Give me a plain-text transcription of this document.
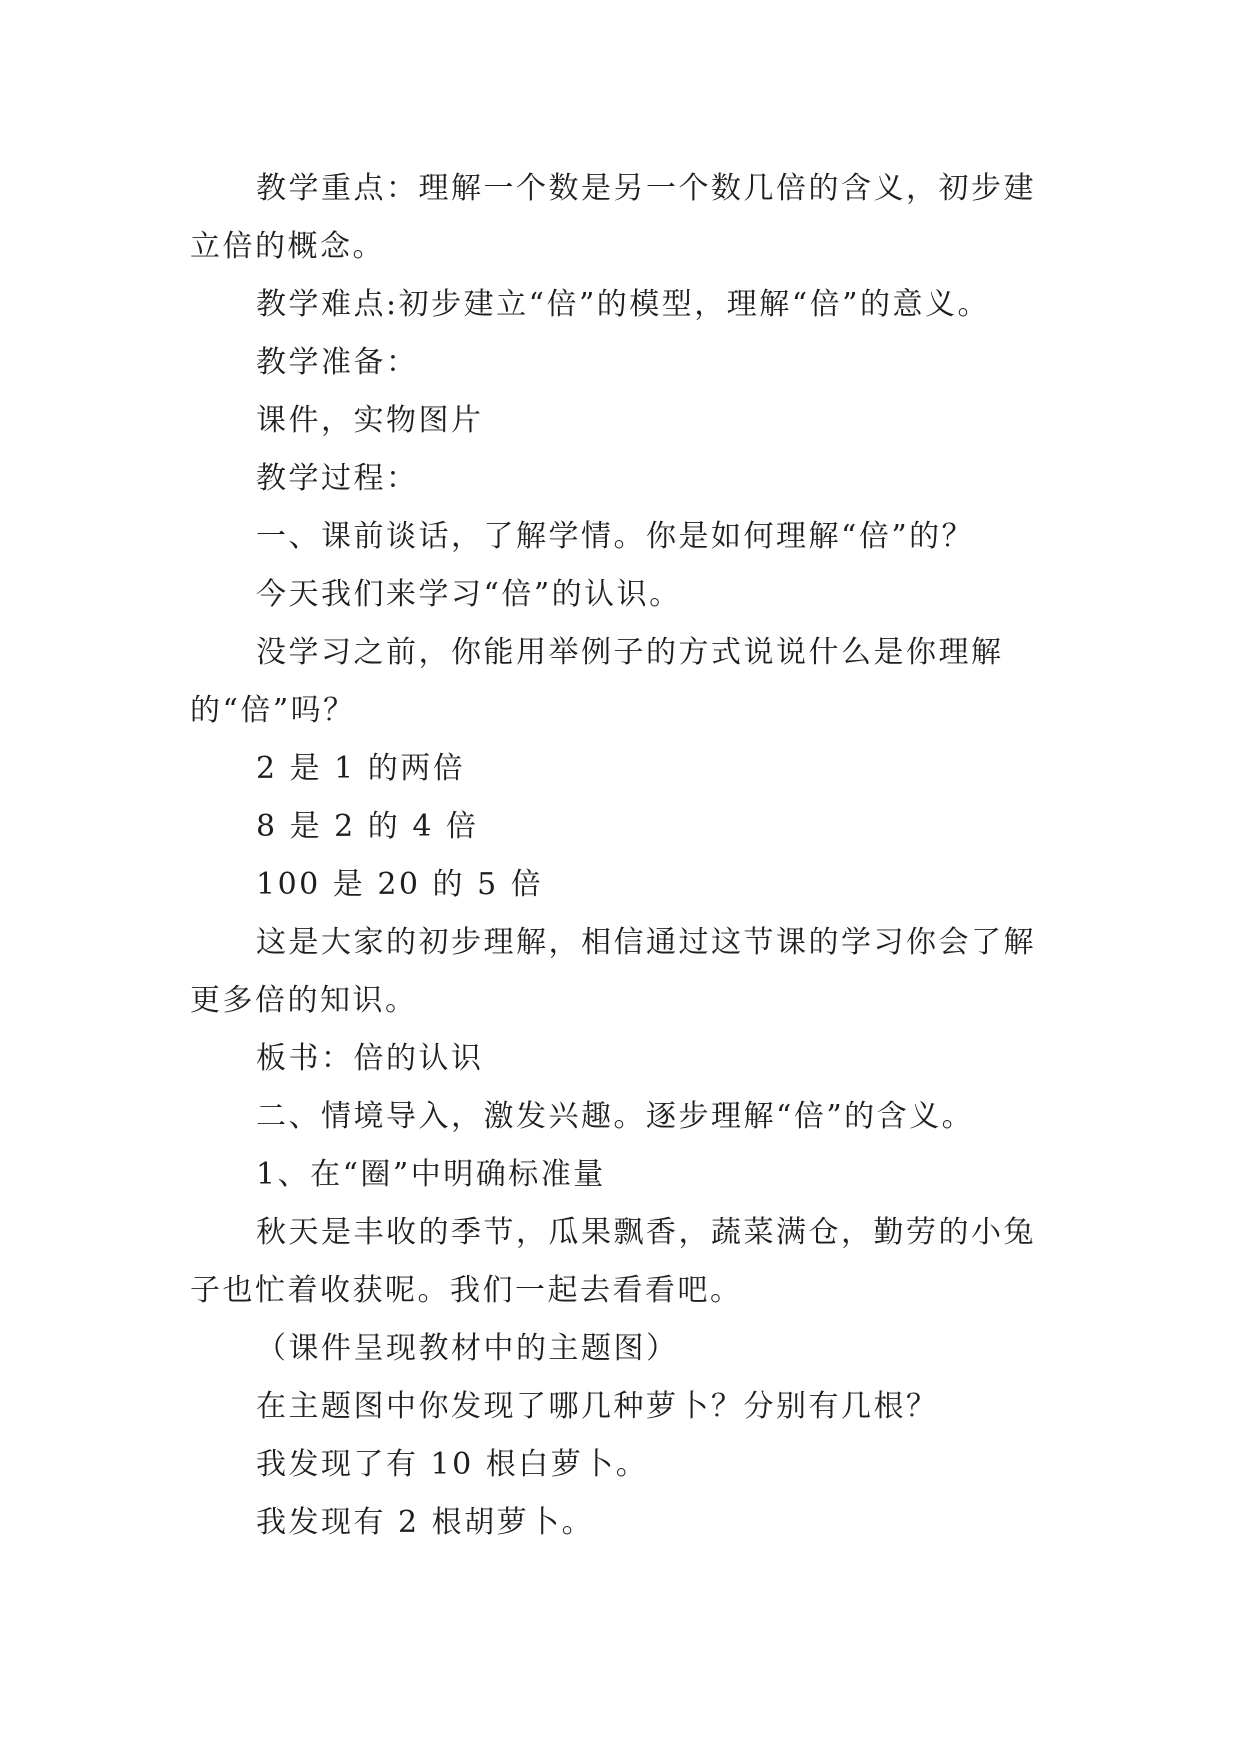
教学重点：理解一个数是另一个数几倍的含义，初步建立倍的概念。

教学难点:初步建立“倍”的模型，理解“倍”的意义。

教学准备：

课件，实物图片

教学过程：

一、课前谈话，了解学情。你是如何理解“倍”的？

今天我们来学习“倍”的认识。

没学习之前，你能用举例子的方式说说什么是你理解的“倍”吗？

2 是 1 的两倍

8 是 2 的 4 倍

100 是 20 的 5 倍

这是大家的初步理解，相信通过这节课的学习你会了解更多倍的知识。

板书：倍的认识

二、情境导入，激发兴趣。逐步理解“倍”的含义。

1、在“圈”中明确标准量

秋天是丰收的季节，瓜果飘香，蔬菜满仓，勤劳的小兔子也忙着收获呢。我们一起去看看吧。

（课件呈现教材中的主题图）

在主题图中你发现了哪几种萝卜？分别有几根？

我发现了有 10 根白萝卜。

我发现有 2 根胡萝卜。
